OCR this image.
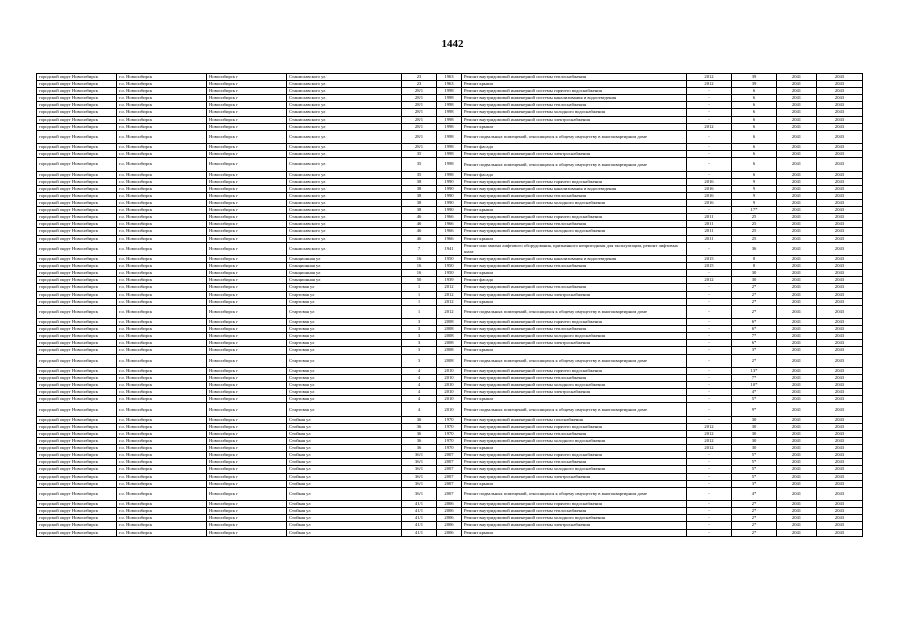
1442
городской округ Новосибирск	г.о. Новосибирск	Новосибирск г	Станиславского ул	23	1963	Ремонт внутридомовой инженерной системы теплоснабжения	2012	39	2041	2043
городской округ Новосибирск	г.о. Новосибирск	Новосибирск г	Станиславского ул	23	1963	Ремонт крыши	2012	39	2041	2043
городской округ Новосибирск	г.о. Новосибирск	Новосибирск г	Станиславского ул	28/1	1998	Ремонт внутридомовой инженерной системы горячего водоснабжения	-	6	2041	2043
городской округ Новосибирск	г.о. Новосибирск	Новосибирск г	Станиславского ул	28/1	1998	Ремонт внутридомовой инженерной системы канализования и водоотведения	-	6	2041	2043
городской округ Новосибирск	г.о. Новосибирск	Новосибирск г	Станиславского ул	28/1	1998	Ремонт внутридомовой инженерной системы теплоснабжения	-	6	2041	2043
городской округ Новосибирск	г.о. Новосибирск	Новосибирск г	Станиславского ул	28/1	1998	Ремонт внутридомовой инженерной системы холодного водоснабжения	-	6	2041	2043
городской округ Новосибирск	г.о. Новосибирск	Новосибирск г	Станиславского ул	28/1	1998	Ремонт внутридомовой инженерной системы электроснабжения	-	6	2041	2043
городской округ Новосибирск	г.о. Новосибирск	Новосибирск г	Станиславского ул	28/1	1998	Ремонт крыши	2012	6	2041	2043
городской округ Новосибирск	г.о. Новосибирск	Новосибирск г	Станиславского ул	28/1	1998	Ремонт подвальных помещений, относящихся к общему имуществу в многоквартирном доме	-	6	2041	2043
городской округ Новосибирск	г.о. Новосибирск	Новосибирск г	Станиславского ул	28/1	1998	Ремонт фасада	-	6	2041	2043
городской округ Новосибирск	г.о. Новосибирск	Новосибирск г	Станиславского ул	35	1998	Ремонт внутридомовой инженерной системы электроснабжения	-	6	2041	2043
городской округ Новосибирск	г.о. Новосибирск	Новосибирск г	Станиславского ул	35	1998	Ремонт подвальных помещений, относящихся к общему имуществу в многоквартирном доме	-	6	2041	2043
городской округ Новосибирск	г.о. Новосибирск	Новосибирск г	Станиславского ул	35	1998	Ремонт фасада	-	6	2041	2043
городской округ Новосибирск	г.о. Новосибирск	Новосибирск г	Станиславского ул	38	1990	Ремонт внутридомовой инженерной системы горячего водоснабжения	2016	9	2041	2043
городской округ Новосибирск	г.о. Новосибирск	Новосибирск г	Станиславского ул	38	1990	Ремонт внутридомовой инженерной системы канализования и водоотведения	2016	9	2041	2043
городской округ Новосибирск	г.о. Новосибирск	Новосибирск г	Станиславского ул	38	1990	Ремонт внутридомовой инженерной системы теплоснабжения	2016	9	2041	2043
городской округ Новосибирск	г.о. Новосибирск	Новосибирск г	Станиславского ул	38	1990	Ремонт внутридомовой инженерной системы холодного водоснабжения	2016	9	2041	2043
городской округ Новосибирск	г.о. Новосибирск	Новосибирск г	Станиславского ул	38	1990	Ремонт крыши	-	17*	2041	2043
городской округ Новосибирск	г.о. Новосибирск	Новосибирск г	Станиславского ул	46	1966	Ремонт внутридомовой инженерной системы горячего водоснабжения	2011	25	2041	2043
городской округ Новосибирск	г.о. Новосибирск	Новосибирск г	Станиславского ул	46	1966	Ремонт внутридомовой инженерной системы теплоснабжения	2011	25	2041	2043
городской округ Новосибирск	г.о. Новосибирск	Новосибирск г	Станиславского ул	46	1966	Ремонт внутридомовой инженерной системы холодного водоснабжения	2011	25	2041	2043
городской округ Новосибирск	г.о. Новосибирск	Новосибирск г	Станиславского ул	46	1966	Ремонт крыши	2011	25	2041	2043
городской округ Новосибирск	г.о. Новосибирск	Новосибирск г	Станиславского ул	7	1941	Ремонт или замена лифтового оборудования, признанного непригодным для эксплуатации, ремонт лифтовых шахт	-	36	2041	2043
городской округ Новосибирск	г.о. Новосибирск	Новосибирск г	Станционная ул	16	1950	Ремонт внутридомовой инженерной системы канализования и водоотведения	2015	8	2041	2043
городской округ Новосибирск	г.о. Новосибирск	Новосибирск г	Станционная ул	16	1950	Ремонт внутридомовой инженерной системы теплоснабжения	2015	8	2041	2043
городской округ Новосибирск	г.о. Новосибирск	Новосибирск г	Станционная ул	16	1950	Ремонт крыши	-	30	2041	2043
городской округ Новосибирск	г.о. Новосибирск	Новосибирск г	Станционная ул	50	1939	Ремонт фасада	2012	30	2041	2043
городской округ Новосибирск	г.о. Новосибирск	Новосибирск г	Стартовая ул	1	2012	Ремонт внутридомовой инженерной системы теплоснабжения	-	2*	2041	2043
городской округ Новосибирск	г.о. Новосибирск	Новосибирск г	Стартовая ул	1	2012	Ремонт внутридомовой инженерной системы электроснабжения	-	2*	2041	2043
городской округ Новосибирск	г.о. Новосибирск	Новосибирск г	Стартовая ул	1	2012	Ремонт крыши	-	2*	2041	2043
городской округ Новосибирск	г.о. Новосибирск	Новосибирск г	Стартовая ул	1	2012	Ремонт подвальных помещений, относящихся к общему имуществу в многоквартирном доме	-	2*	2041	2043
городской округ Новосибирск	г.о. Новосибирск	Новосибирск г	Стартовая ул	3	2008	Ремонт внутридомовой инженерной системы горячего водоснабжения	-	6*	2041	2043
городской округ Новосибирск	г.о. Новосибирск	Новосибирск г	Стартовая ул	3	2008	Ремонт внутридомовой инженерной системы теплоснабжения	-	6*	2041	2043
городской округ Новосибирск	г.о. Новосибирск	Новосибирск г	Стартовая ул	3	2008	Ремонт внутридомовой инженерной системы холодного водоснабжения	-	7*	2041	2043
городской округ Новосибирск	г.о. Новосибирск	Новосибирск г	Стартовая ул	3	2008	Ремонт внутридомовой инженерной системы электроснабжения	-	6*	2041	2043
городской округ Новосибирск	г.о. Новосибирск	Новосибирск г	Стартовая ул	3	2008	Ремонт крыши	-	3*	2041	2043
городской округ Новосибирск	г.о. Новосибирск	Новосибирск г	Стартовая ул	3	2008	Ремонт подвальных помещений, относящихся к общему имуществу в многоквартирном доме	-	2*	2041	2043
городской округ Новосибирск	г.о. Новосибирск	Новосибирск г	Стартовая ул	4	2010	Ремонт внутридомовой инженерной системы горячего водоснабжения	-	13*	2041	2043
городской округ Новосибирск	г.о. Новосибирск	Новосибирск г	Стартовая ул	4	2010	Ремонт внутридомовой инженерной системы теплоснабжения	-	7*	2041	2043
городской округ Новосибирск	г.о. Новосибирск	Новосибирск г	Стартовая ул	4	2010	Ремонт внутридомовой инженерной системы холодного водоснабжения	-	10*	2041	2043
городской округ Новосибирск	г.о. Новосибирск	Новосибирск г	Стартовая ул	4	2010	Ремонт внутридомовой инженерной системы электроснабжения	-	4*	2041	2043
городской округ Новосибирск	г.о. Новосибирск	Новосибирск г	Стартовая ул	4	2010	Ремонт крыши	-	5*	2041	2043
городской округ Новосибирск	г.о. Новосибирск	Новосибирск г	Стартовая ул	4	2010	Ремонт подвальных помещений, относящихся к общему имуществу в многоквартирном доме	-	9*	2041	2043
городской округ Новосибирск	г.о. Новосибирск	Новосибирск г	Стойкая ул	36	1970	Ремонт внутридомовой инженерной системы газоснабжения	-	30	2041	2043
городской округ Новосибирск	г.о. Новосибирск	Новосибирск г	Стойкая ул	36	1970	Ремонт внутридомовой инженерной системы горячего водоснабжения	2012	30	2041	2043
городской округ Новосибирск	г.о. Новосибирск	Новосибирск г	Стойкая ул	36	1970	Ремонт внутридомовой инженерной системы теплоснабжения	2012	30	2041	2043
городской округ Новосибирск	г.о. Новосибирск	Новосибирск г	Стойкая ул	36	1970	Ремонт внутридомовой инженерной системы холодного водоснабжения	2012	30	2041	2043
городской округ Новосибирск	г.о. Новосибирск	Новосибирск г	Стойкая ул	36	1970	Ремонт крыши	2012	30	2041	2043
городской округ Новосибирск	г.о. Новосибирск	Новосибирск г	Стойкая ул	36/1	2007	Ремонт внутридомовой инженерной системы горячего водоснабжения	-	5*	2041	2043
городской округ Новосибирск	г.о. Новосибирск	Новосибирск г	Стойкая ул	36/1	2007	Ремонт внутридомовой инженерной системы теплоснабжения	-	5*	2041	2043
городской округ Новосибирск	г.о. Новосибирск	Новосибирск г	Стойкая ул	36/1	2007	Ремонт внутридомовой инженерной системы холодного водоснабжения	-	5*	2041	2043
городской округ Новосибирск	г.о. Новосибирск	Новосибирск г	Стойкая ул	36/1	2007	Ремонт внутридомовой инженерной системы электроснабжения	-	5*	2041	2043
городской округ Новосибирск	г.о. Новосибирск	Новосибирск г	Стойкая ул	36/1	2007	Ремонт крыши	-	3*	2041	2043
городской округ Новосибирск	г.о. Новосибирск	Новосибирск г	Стойкая ул	36/1	2007	Ремонт подвальных помещений, относящихся к общему имуществу в многоквартирном доме	-	4*	2041	2043
городской округ Новосибирск	г.о. Новосибирск	Новосибирск г	Стойкая ул	41/1	2006	Ремонт внутридомовой инженерной системы горячего водоснабжения	-	2*	2041	2043
городской округ Новосибирск	г.о. Новосибирск	Новосибирск г	Стойкая ул	41/1	2006	Ремонт внутридомовой инженерной системы теплоснабжения	-	2*	2041	2043
городской округ Новосибирск	г.о. Новосибирск	Новосибирск г	Стойкая ул	41/1	2006	Ремонт внутридомовой инженерной системы холодного водоснабжения	-	2*	2041	2043
городской округ Новосибирск	г.о. Новосибирск	Новосибирск г	Стойкая ул	41/1	2006	Ремонт внутридомовой инженерной системы электроснабжения	-	2*	2041	2043
городской округ Новосибирск	г.о. Новосибирск	Новосибирск г	Стойкая ул	41/1	2006	Ремонт крыши	-	2*	2041	2043
